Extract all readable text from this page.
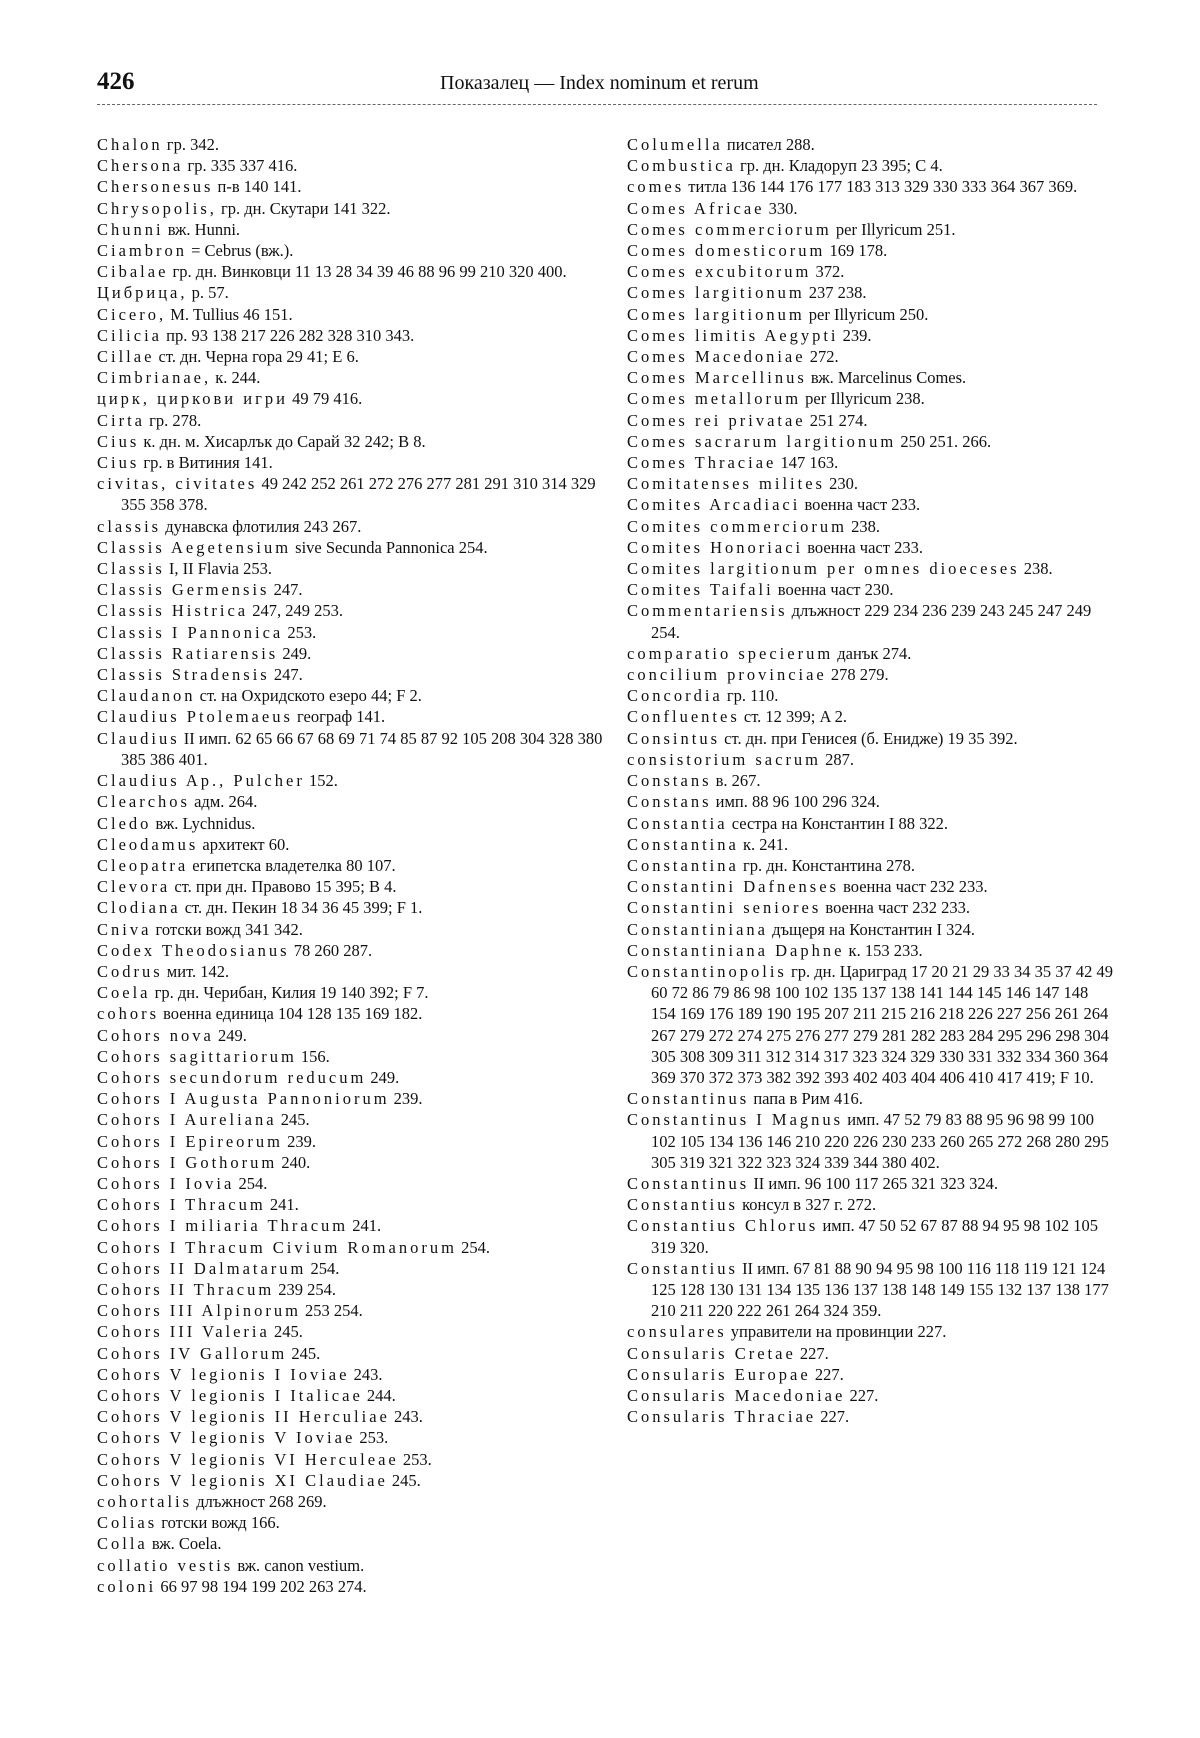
426	Показалец — Index nominum et rerum
Chalon гр. 342.
Chersona гр. 335 337 416.
Chersonesus п-в 140 141.
Chrysopolis, гр. дн. Скутари 141 322.
Chunni вж. Hunni.
Ciambron = Cebrus (вж.).
Cibalae гр. дн. Винковци 11 13 28 34 39 46 88 96 99 210 320 400.
Цибрица, р. 57.
Cicero, M. Tullius 46 151.
Cilicia пр. 93 138 217 226 282 328 310 343.
Cillae ст. дн. Черна гора 29 41; E 6.
Cimbrianae, к. 244.
цирк, циркови игри 49 79 416.
Cirta гр. 278.
Cius к. дн. м. Хисарлък до Сарай 32 242; B 8.
Cius гр. в Витиния 141.
civitas, civitates 49 242 252 261 272 276 277 281 291 310 314 329 355 358 378.
classis дунавска флотилия 243 267.
Classis Aegetensium sive Secunda Pannonica 254.
Classis I, II Flavia 253.
Classis Germensis 247.
Classis Histrica 247, 249 253.
Classis I Pannonica 253.
Classis Ratiarensis 249.
Classis Stradensis 247.
Claudanon ст. на Охридското езеро 44; F 2.
Claudius Ptolemaeus географ 141.
Claudius II имп. 62 65 66 67 68 69 71 74 85 87 92 105 208 304 328 380 385 386 401.
Claudius Ap., Pulcher 152.
Clearchos адм. 264.
Cledo вж. Lychnidus.
Cleodamus архитект 60.
Cleopatra египетска владетелка 80 107.
Clevora ст. при дн. Правово 15 395; B 4.
Clodiana ст. дн. Пекин 18 34 36 45 399; F 1.
Cniva готски вожд 341 342.
Codex Theodosianus 78 260 287.
Codrus мит. 142.
Coela гр. дн. Черибан, Килия 19 140 392; F 7.
cohors военна единица 104 128 135 169 182.
Cohors nova 249.
Cohors sagittariorum 156.
Cohors secundorum reducum 249.
Cohors I Augusta Pannoniorum 239.
Cohors I Aureliana 245.
Cohors I Epireorum 239.
Cohors I Gothorum 240.
Cohors I Iovia 254.
Cohors I Thracum 241.
Cohors I miliaria Thracum 241.
Cohors I Thracum Civium Romanorum 254.
Cohors II Dalmatarum 254.
Cohors II Thracum 239 254.
Cohors III Alpinorum 253 254.
Cohors III Valeria 245.
Cohors IV Gallorum 245.
Cohors V legionis I Ioviae 243.
Cohors V legionis I Italicae 244.
Cohors V legionis II Herculiae 243.
Cohors V legionis V Ioviae 253.
Cohors V legionis VI Herculeae 253.
Cohors V legionis XI Claudiae 245.
cohortalis длъжност 268 269.
Colias готски вожд 166.
Colla вж. Coela.
collatio vestis вж. canon vestium.
coloni 66 97 98 194 199 202 263 274.
Columella писател 288.
Combustica гр. дн. Кладоруп 23 395; C 4.
comes титла 136 144 176 177 183 313 329 330 333 364 367 369.
Comes Africae 330.
Comes commerciorum per Illyricum 251.
Comes domesticorum 169 178.
Comes excubitorum 372.
Comes largitionum 237 238.
Comes largitionum per Illyricum 250.
Comes limitis Aegypti 239.
Comes Macedoniae 272.
Comes Marcellinus вж. Marcelinus Comes.
Comes metallorum per Illyricum 238.
Comes rei privatae 251 274.
Comes sacrarum largitionum 250 251. 266.
Comes Thraciae 147 163.
Comitatenses milites 230.
Comites Arcadiaci военна част 233.
Comites commerciorum 238.
Comites Honoriaci военна част 233.
Comites largitionum per omnes dioeceses 238.
Comites Taifali военна част 230.
Commentariensis длъжност 229 234 236 239 243 245 247 249 254.
comparatio specierum данък 274.
concilium provinciae 278 279.
Concordia гр. 110.
Confluentes ст. 12 399; A 2.
Consintus ст. дн. при Генисея (б. Енидже) 19 35 392.
consistorium sacrum 287.
Constans в. 267.
Constans имп. 88 96 100 296 324.
Constantia сестра на Константин I 88 322.
Constantina к. 241.
Constantina гр. дн. Константина 278.
Constantini Dafnenses военна част 232 233.
Constantini seniores военна част 232 233.
Constantiniana дъщеря на Константин I 324.
Constantiniana Daphne к. 153 233.
Constantinopolis гр. дн. Цариград 17 20 21 29 33 34 35 37 42 49 60 72 86 79 86 98 100 102 135 137 138 141 144 145 146 147 148 154 169 176 189 190 195 207 211 215 216 218 226 227 256 261 264 267 279 272 274 275 276 277 279 281 282 283 284 295 296 298 304 305 308 309 311 312 314 317 323 324 329 330 331 332 334 360 364 369 370 372 373 382 392 393 402 403 404 406 410 417 419; F 10.
Constantinus папа в Рим 416.
Constantinus I Magnus имп. 47 52 79 83 88 95 96 98 99 100 102 105 134 136 146 210 220 226 230 233 260 265 272 268 280 295 305 319 321 322 323 324 339 344 380 402.
Constantinus II имп. 96 100 117 265 321 323 324.
Constantius консул в 327 г. 272.
Constantius Chlorus имп. 47 50 52 67 87 88 94 95 98 102 105 319 320.
Constantius II имп. 67 81 88 90 94 95 98 100 116 118 119 121 124 125 128 130 131 134 135 136 137 138 148 149 155 132 137 138 177 210 211 220 222 261 264 324 359.
consulares управители на провинции 227.
Consularis Cretae 227.
Consularis Europae 227.
Consularis Macedoniae 227.
Consularis Thraciae 227.
